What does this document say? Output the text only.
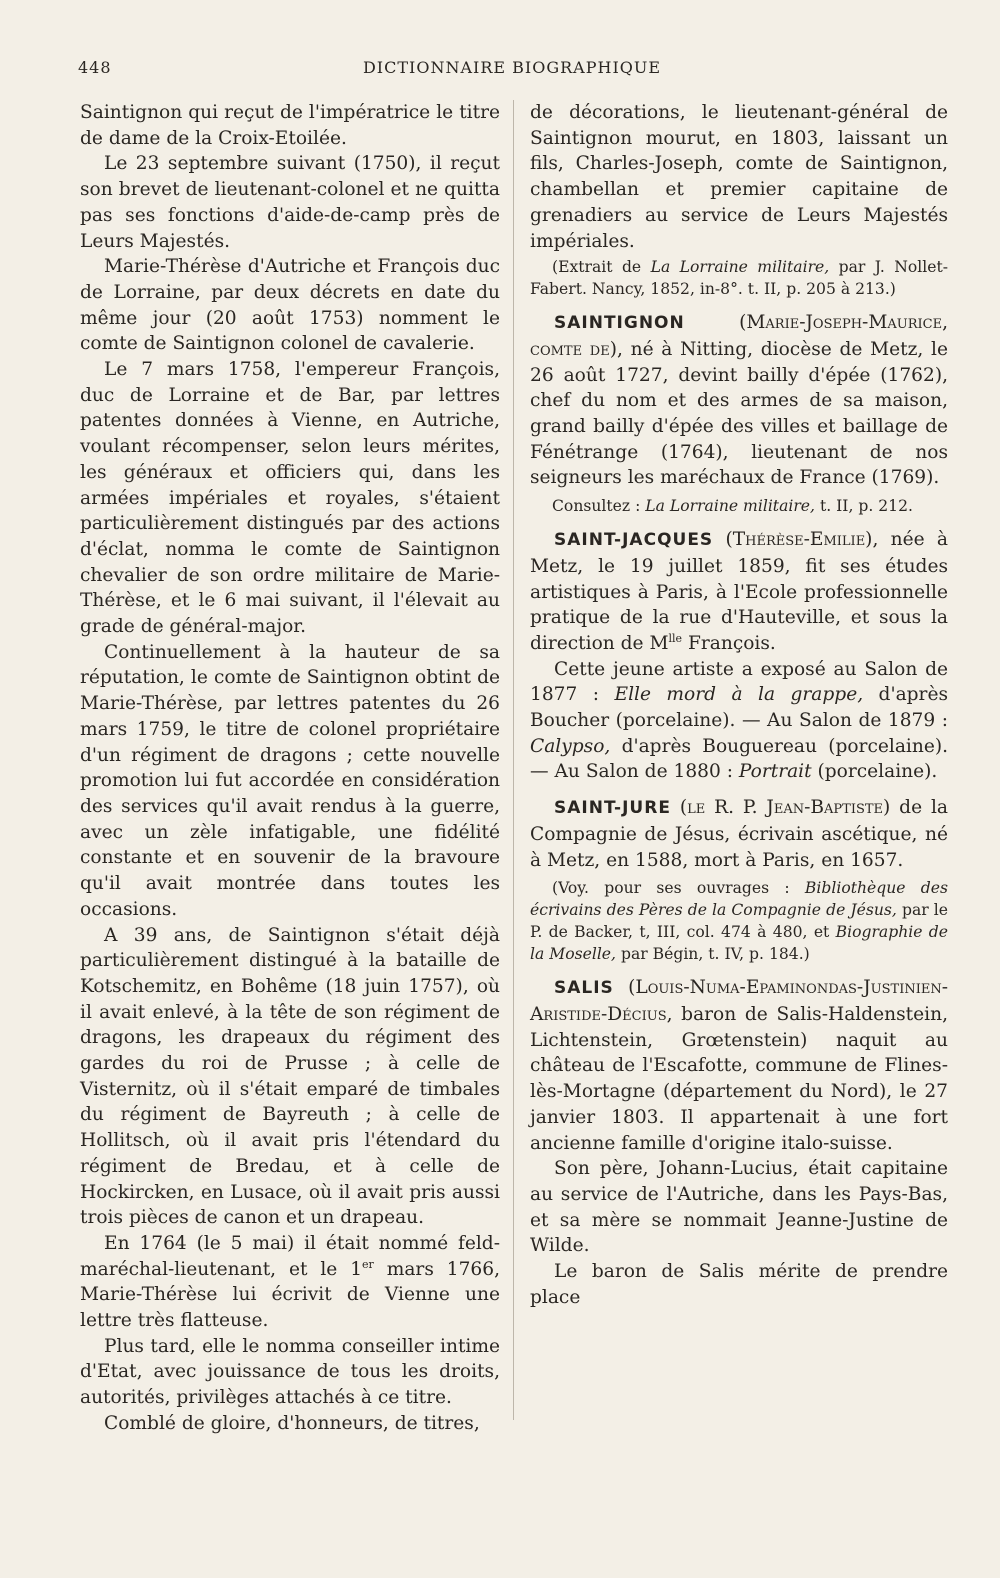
448	DICTIONNAIRE BIOGRAPHIQUE

Saintignon qui reçut de l'impératrice le titre de dame de la Croix-Etoilée.

Le 23 septembre suivant (1750), il reçut son brevet de lieutenant-colonel et ne quitta pas ses fonctions d'aide-de-camp près de Leurs Majestés.

Marie-Thérèse d'Autriche et François duc de Lorraine, par deux décrets en date du même jour (20 août 1753) nomment le comte de Saintignon colonel de cavalerie.

Le 7 mars 1758, l'empereur François, duc de Lorraine et de Bar, par lettres patentes données à Vienne, en Autriche, voulant récompenser, selon leurs mérites, les généraux et officiers qui, dans les armées impériales et royales, s'étaient particulièrement distingués par des actions d'éclat, nomma le comte de Saintignon chevalier de son ordre militaire de Marie-Thérèse, et le 6 mai suivant, il l'élevait au grade de général-major.

Continuellement à la hauteur de sa réputation, le comte de Saintignon obtint de Marie-Thérèse, par lettres patentes du 26 mars 1759, le titre de colonel propriétaire d'un régiment de dragons ; cette nouvelle promotion lui fut accordée en considération des services qu'il avait rendus à la guerre, avec un zèle infatigable, une fidélité constante et en souvenir de la bravoure qu'il avait montrée dans toutes les occasions.

A 39 ans, de Saintignon s'était déjà particulièrement distingué à la bataille de Kotschemitz, en Bohême (18 juin 1757), où il avait enlevé, à la tête de son régiment de dragons, les drapeaux du régiment des gardes du roi de Prusse ; à celle de Visternitz, où il s'était emparé de timbales du régiment de Bayreuth ; à celle de Hollitsch, où il avait pris l'étendard du régiment de Bredau, et à celle de Hockircken, en Lusace, où il avait pris aussi trois pièces de canon et un drapeau.

En 1764 (le 5 mai) il était nommé feld-maréchal-lieutenant, et le 1er mars 1766, Marie-Thérèse lui écrivit de Vienne une lettre très flatteuse.

Plus tard, elle le nomma conseiller intime d'Etat, avec jouissance de tous les droits, autorités, privilèges attachés à ce titre.

Comblé de gloire, d'honneurs, de titres,

de décorations, le lieutenant-général de Saintignon mourut, en 1803, laissant un fils, Charles-Joseph, comte de Saintignon, chambellan et premier capitaine de grenadiers au service de Leurs Majestés impériales.

(Extrait de La Lorraine militaire, par J. Nollet-Fabert. Nancy, 1852, in-8°. t. II, p. 205 à 213.)

SAINTIGNON	(Marie-Joseph-Maurice, comte de), né à Nitting, diocèse de Metz, le 26 août 1727, devint bailly d'épée (1762), chef du nom et des armes de sa maison, grand bailly d'épée des villes et baillage de Fénétrange (1764), lieutenant de nos seigneurs les maréchaux de France (1769).

Consultez : La Lorraine militaire, t. II, p. 212.

SAINT-JACQUES (Thérèse-Emilie), née à Metz, le 19 juillet 1859, fit ses études artistiques à Paris, à l'Ecole professionnelle pratique de la rue d'Hauteville, et sous la direction de $M^{lle}$ François.

Cette jeune artiste a exposé au Salon de 1877 : Elle mord à la grappe, d'après Boucher (porcelaine). — Au Salon de 1879 : Calypso, d'après Bouguereau (porcelaine). — Au Salon de 1880 : Portrait (porcelaine).

SAINT-JURE (le R. P. Jean-Baptiste) de la Compagnie de Jésus, écrivain ascétique, né à Metz, en 1588, mort à Paris, en 1657.

(Voy. pour ses ouvrages : Bibliothèque des écrivains des Pères de la Compagnie de Jésus, par le P. de Backer, t, III, col. 474 à 480, et Biographie de la Moselle, par Bégin, t. IV, p. 184.)

SALIS (Louis-Numa-Epaminondas-Justinien-Aristide-Décius, baron de Salis-Haldenstein, Lichtenstein, Grœtenstein) naquit au château de l'Escafotte, commune de Flines-lès-Mortagne (département du Nord), le 27 janvier 1803. Il appartenait à une fort ancienne famille d'origine italo-suisse.

Son père, Johann-Lucius, était capitaine au service de l'Autriche, dans les Pays-Bas, et sa mère se nommait Jeanne-Justine de Wilde.

Le baron de Salis mérite de prendre place
